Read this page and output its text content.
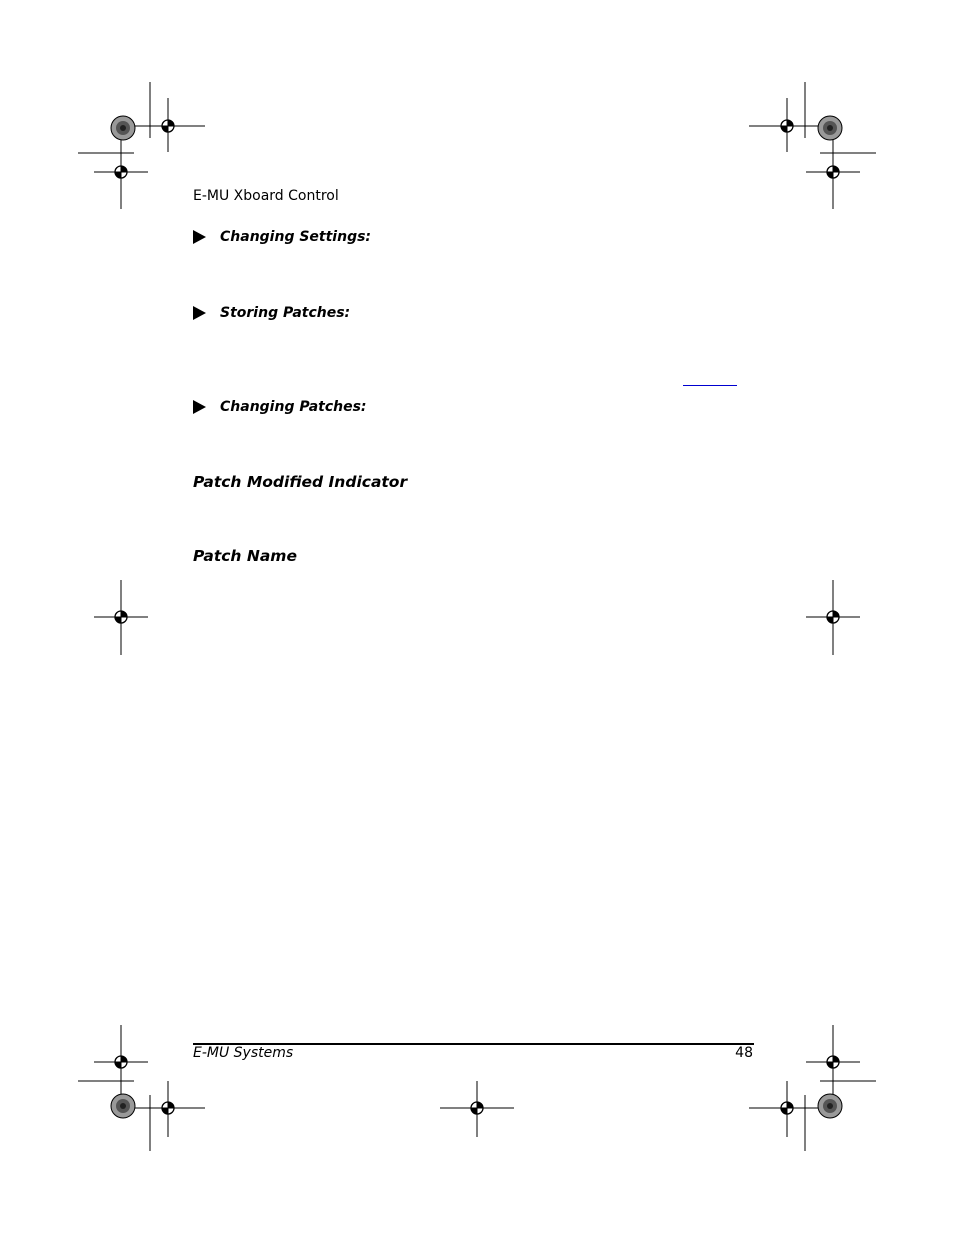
E-MU Xboard Control
Changing Settings:
Storing Patches:
Changing Patches:
Patch Modified Indicator
Patch Name
E-MU Systems	48
